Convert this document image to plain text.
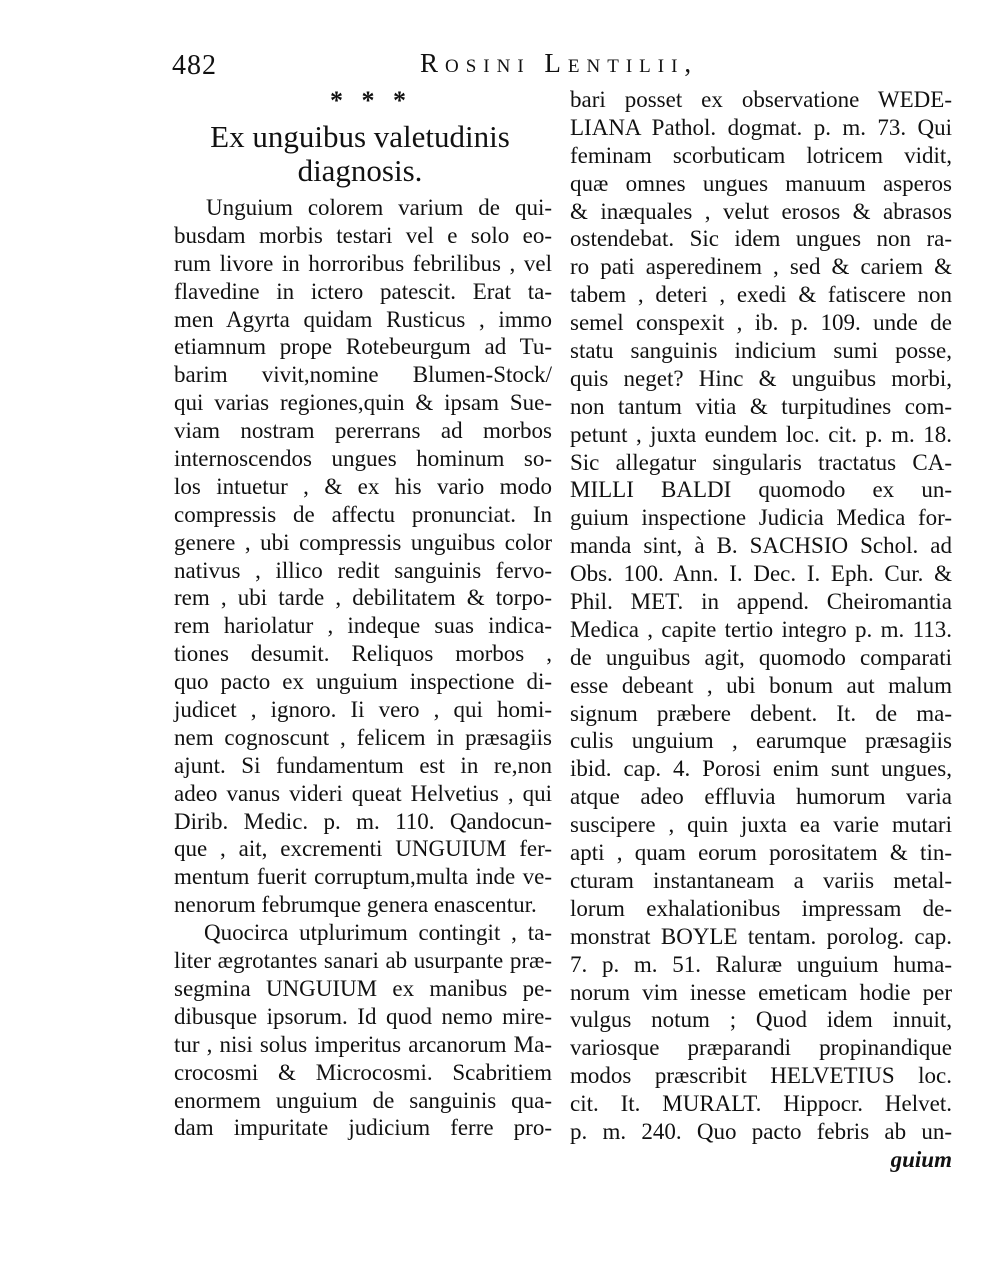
482	Rosini Lentilii,
* * *
Ex unguibus valetudinis diagnosis.
Unguium colorem varium de qui-
busdam morbis testari vel e solo eo-
rum livore in horroribus febrilibus , vel
flavedine in ictero patescit. Erat ta-
men Agyrta quidam Rusticus , immo
etiamnum prope Rotebeurgum ad Tu-
barim vivit,nomine Blumen-Stock/
qui varias regiones,quin & ipsam Sue-
viam nostram pererrans ad morbos
internoscendos ungues hominum so-
los intuetur , & ex his vario modo
compressis de affectu pronunciat. In
genere , ubi compressis unguibus color
nativus , illico redit sanguinis fervo-
rem , ubi tarde , debilitatem & torpo-
rem hariolatur , indeque suas indica-
tiones desumit. Reliquos morbos ,
quo pacto ex unguium inspectione di-
judicet , ignoro. Ii vero , qui homi-
nem cognoscunt , felicem in præsagiis
ajunt. Si fundamentum est in re,non
adeo vanus videri queat Helvetius , qui
Dirib. Medic. p. m. 110. Qandocun-
que , ait, excrementi UNGUIUM fer-
mentum fuerit corruptum,multa inde ve-
nenorum februmque genera enascentur.
Quocirca utplurimum contingit , ta-
liter ægrotantes sanari ab usurpante præ-
segmina UNGUIUM ex manibus pe-
dibusque ipsorum. Id quod nemo mire-
tur , nisi solus imperitus arcanorum Ma-
crocosmi & Microcosmi. Scabritiem
enormem unguium de sanguinis qua-
dam impuritate judicium ferre pro-
bari posset ex observatione WEDE-
LIANA Pathol. dogmat. p. m. 73. Qui
feminam scorbuticam lotricem vidit,
quæ omnes ungues manuum asperos
& inæquales , velut erosos & abrasos
ostendebat. Sic idem ungues non ra-
ro pati asperedinem , sed & cariem &
tabem , deteri , exedi & fatiscere non
semel conspexit , ib. p. 109. unde de
statu sanguinis indicium sumi posse,
quis neget? Hinc & unguibus morbi,
non tantum vitia & turpitudines com-
petunt , juxta eundem loc. cit. p. m. 18.
Sic allegatur singularis tractatus CA-
MILLI BALDI quomodo ex un-
guium inspectione Judicia Medica for-
manda sint, à B. SACHSIO Schol. ad
Obs. 100. Ann. I. Dec. I. Eph. Cur. &
Phil. MET. in append. Cheiromantia
Medica , capite tertio integro p. m. 113.
de unguibus agit, quomodo comparati
esse debeant , ubi bonum aut malum
signum præbere debent. It. de ma-
culis unguium , earumque præsagiis
ibid. cap. 4. Porosi enim sunt ungues,
atque adeo effluvia humorum varia
suscipere , quin juxta ea varie mutari
apti , quam eorum porositatem & tin-
cturam instantaneam a variis metal-
lorum exhalationibus impressam de-
monstrat BOYLE tentam. porolog. cap.
7. p. m. 51. Raluræ unguium huma-
norum vim inesse emeticam hodie per
vulgus notum ; Quod idem innuit,
variosque præparandi propinandique
modos præscribit HELVETIUS loc.
cit. It. MURALT. Hippocr. Helvet.
p. m. 240. Quo pacto febris ab un-
guium
